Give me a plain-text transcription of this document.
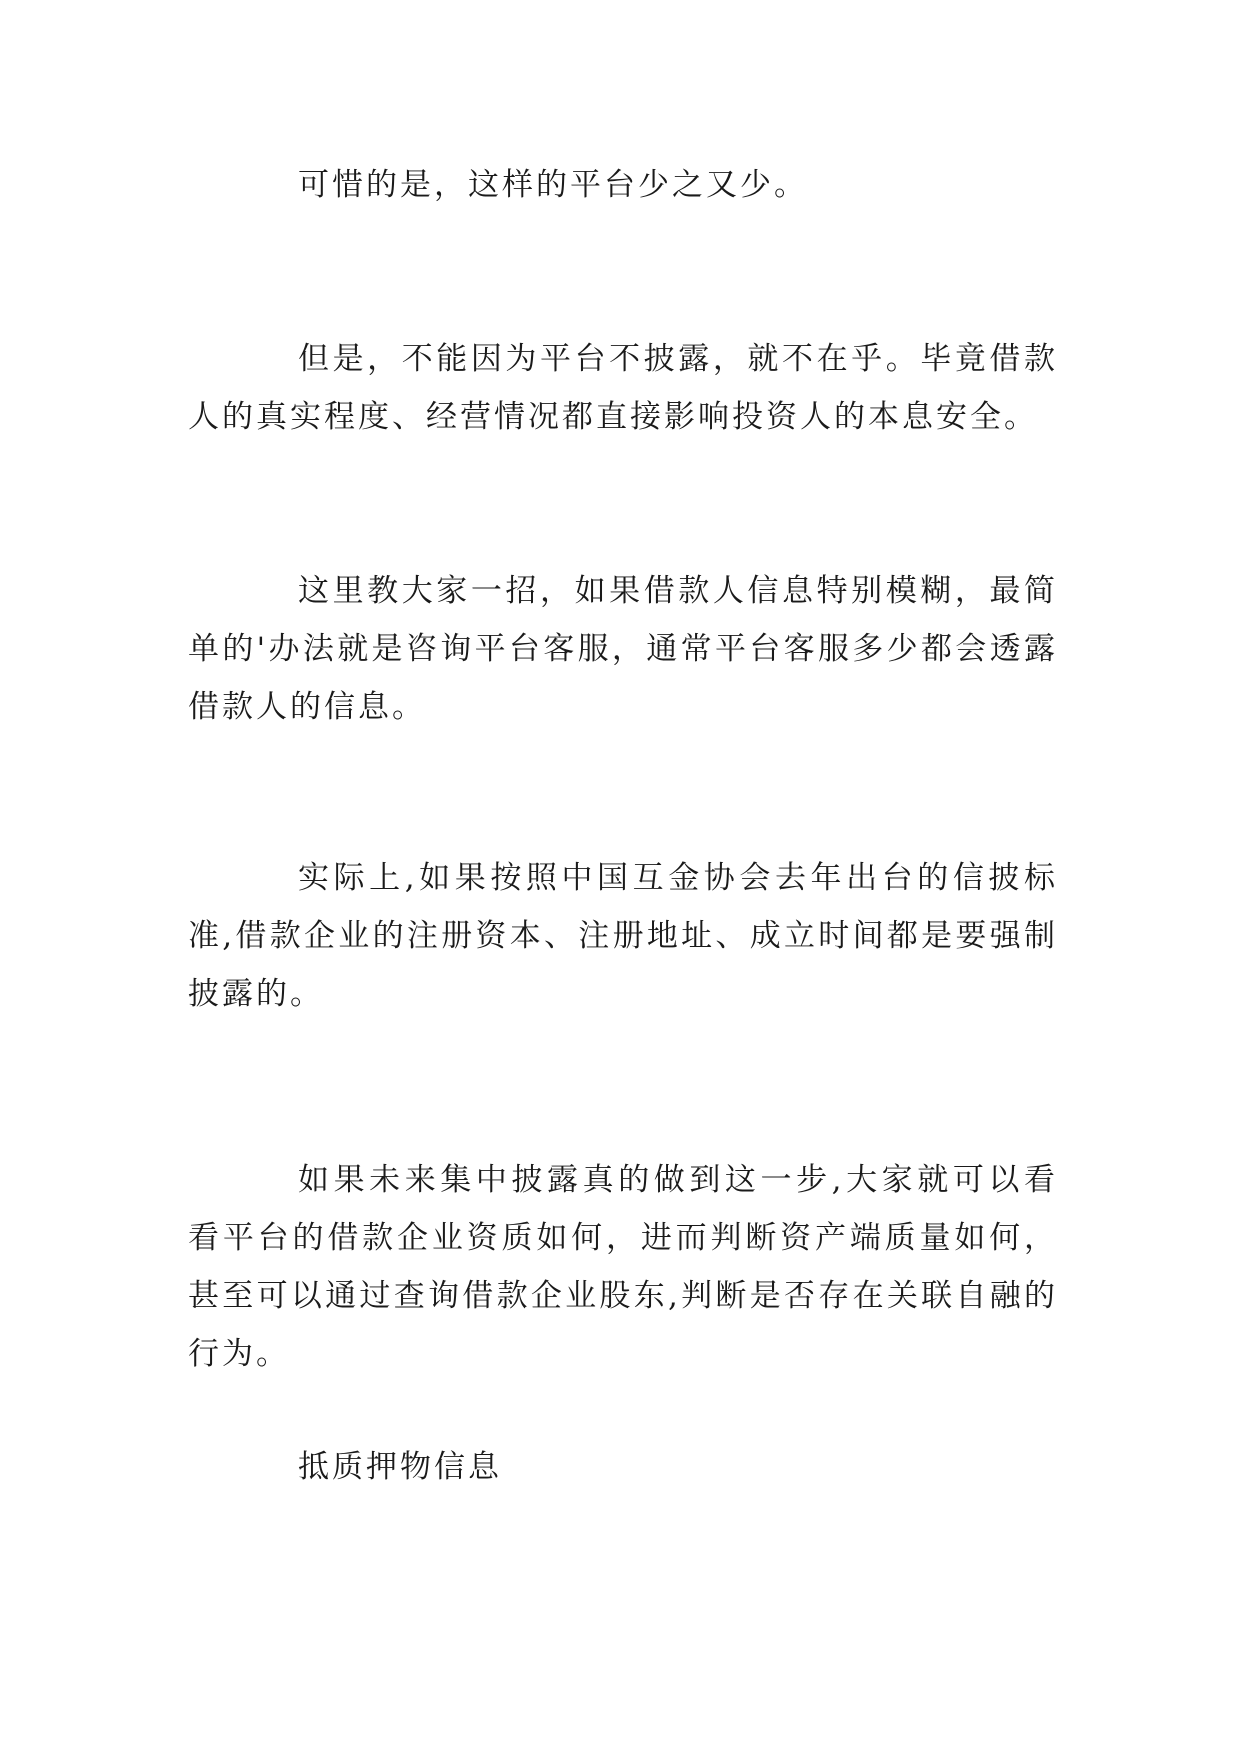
可惜的是，这样的平台少之又少。

但是，不能因为平台不披露，就不在乎。毕竟借款人的真实程度、经营情况都直接影响投资人的本息安全。

这里教大家一招，如果借款人信息特别模糊，最简单的'办法就是咨询平台客服，通常平台客服多少都会透露借款人的信息。

实际上,如果按照中国互金协会去年出台的信披标准,借款企业的注册资本、注册地址、成立时间都是要强制披露的。

如果未来集中披露真的做到这一步,大家就可以看看平台的借款企业资质如何，进而判断资产端质量如何，甚至可以通过查询借款企业股东,判断是否存在关联自融的行为。

抵质押物信息
